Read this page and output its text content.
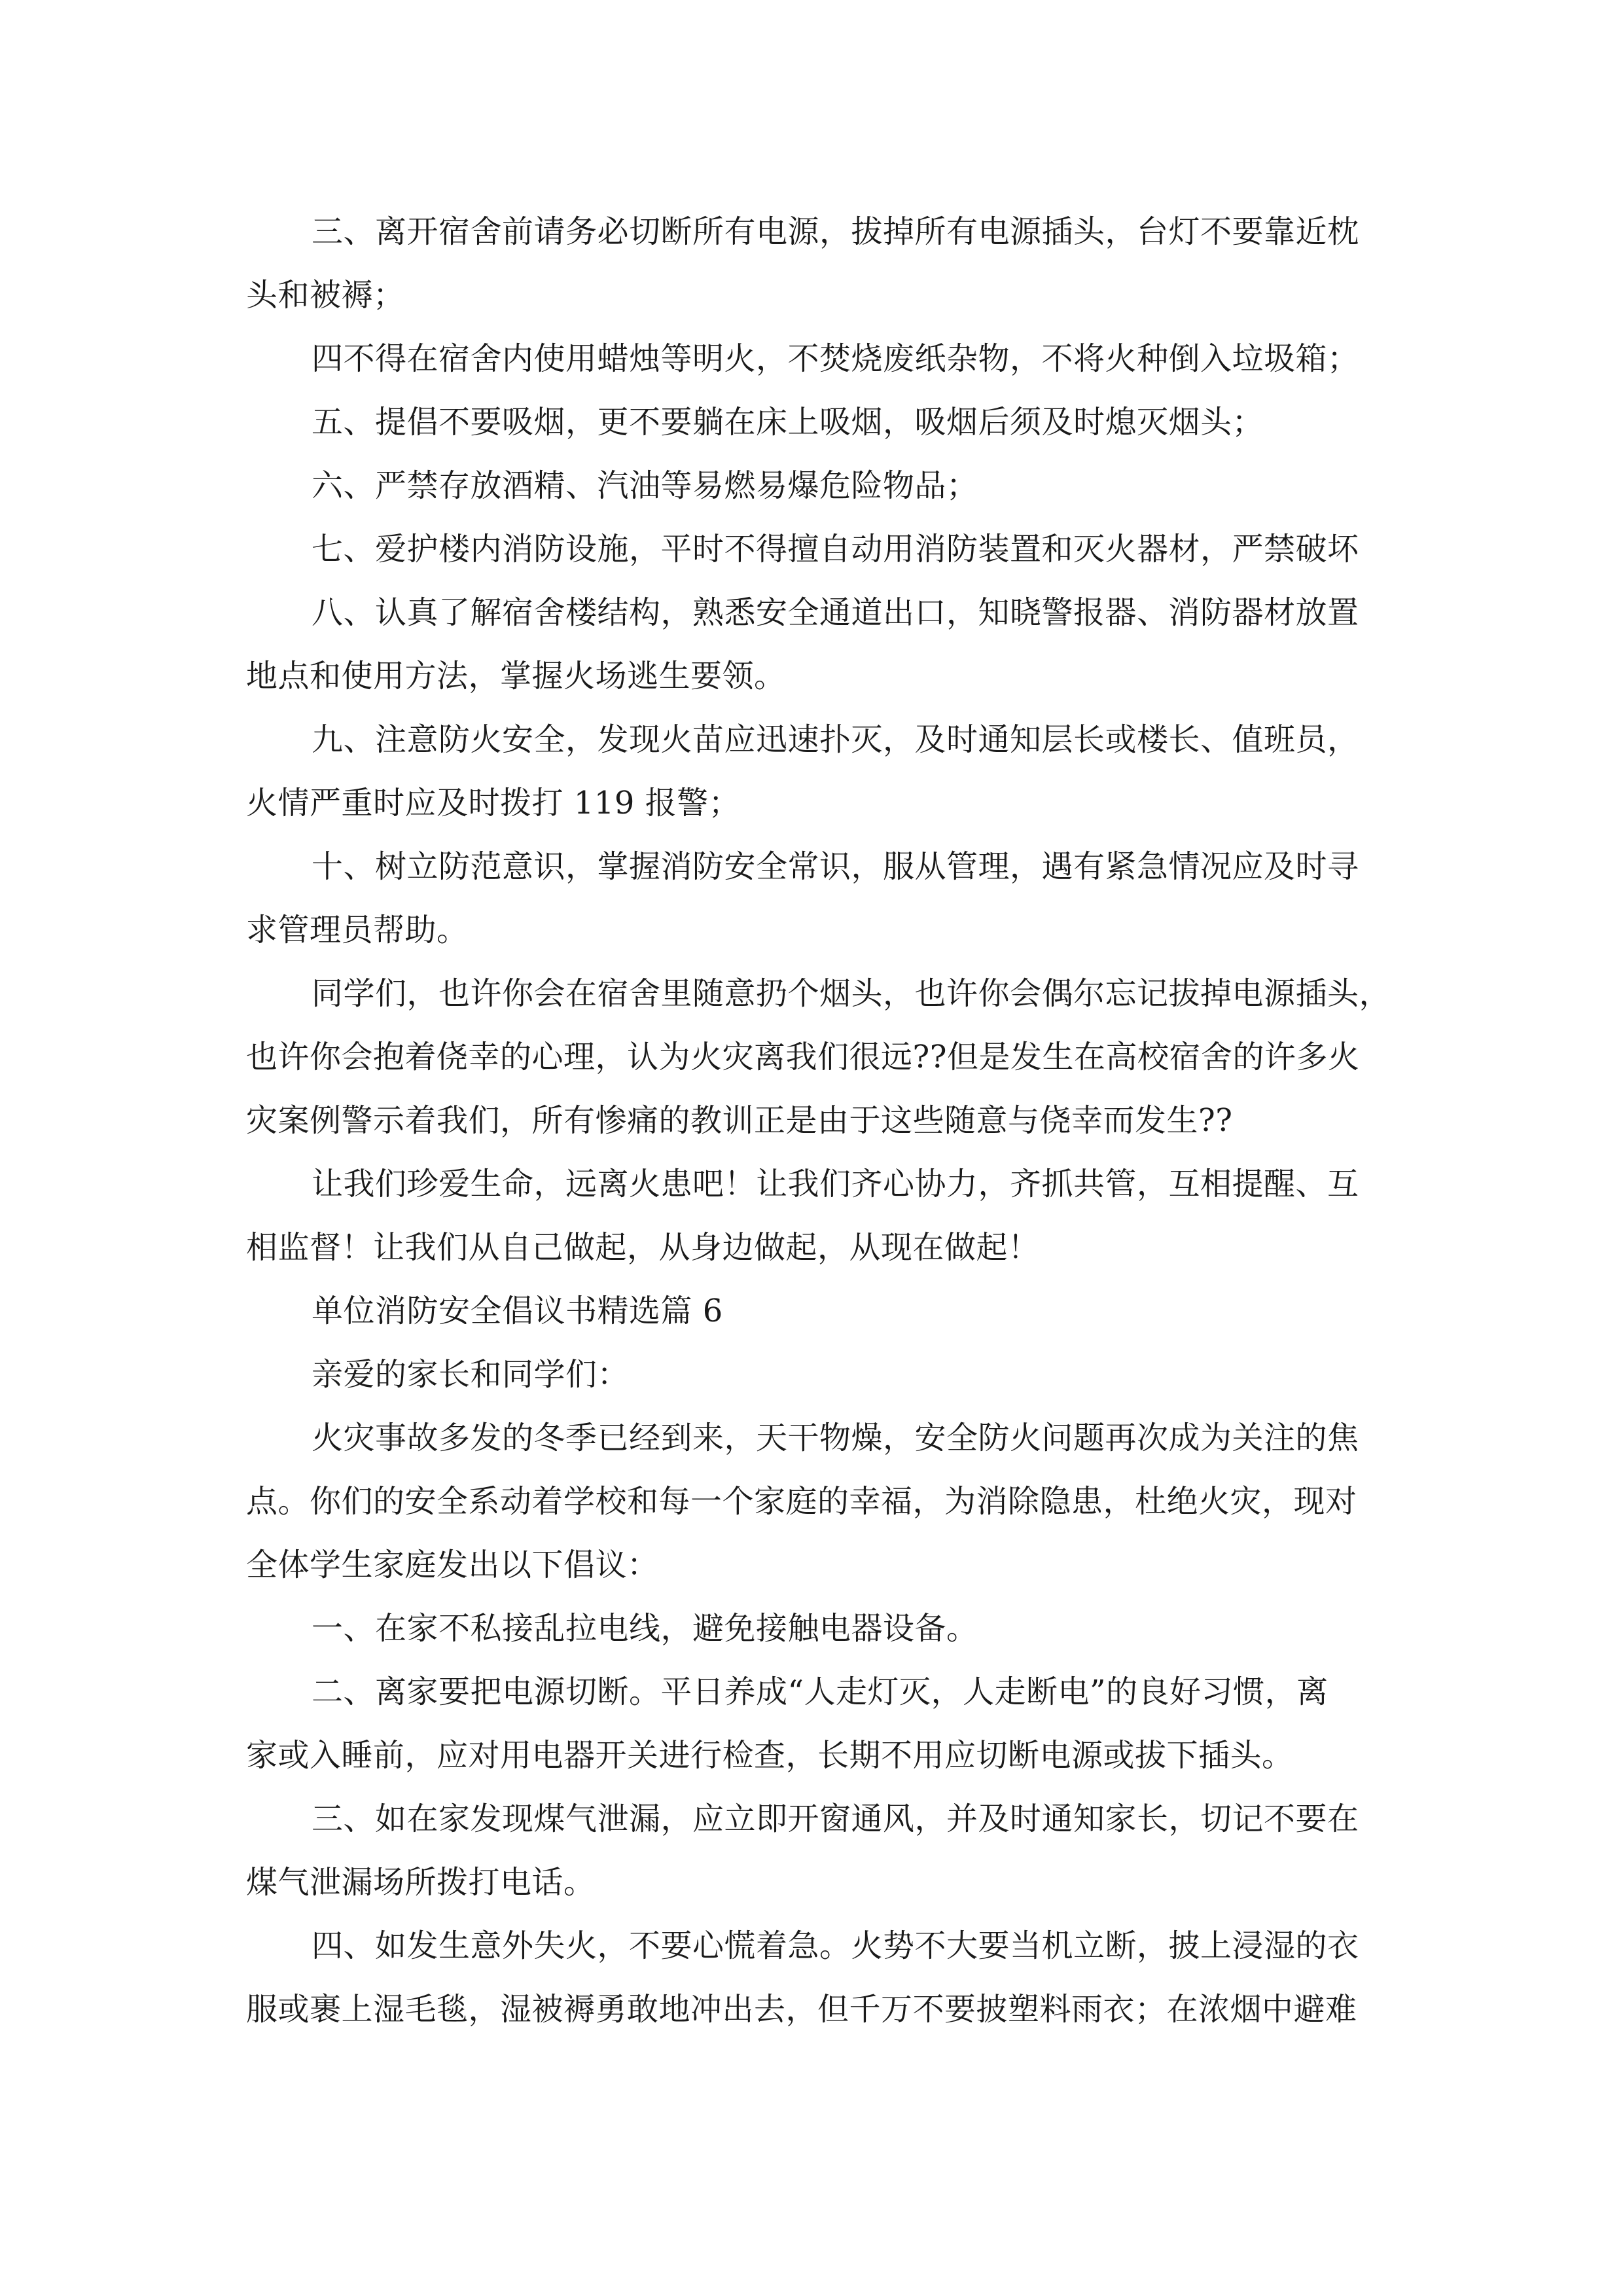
三、离开宿舍前请务必切断所有电源，拔掉所有电源插头，台灯不要靠近枕
头和被褥；
四不得在宿舍内使用蜡烛等明火，不焚烧废纸杂物，不将火种倒入垃圾箱；
五、提倡不要吸烟，更不要躺在床上吸烟，吸烟后须及时熄灭烟头；
六、严禁存放酒精、汽油等易燃易爆危险物品；
七、爱护楼内消防设施，平时不得擅自动用消防装置和灭火器材，严禁破坏
八、认真了解宿舍楼结构，熟悉安全通道出口，知晓警报器、消防器材放置
地点和使用方法，掌握火场逃生要领。
九、注意防火安全，发现火苗应迅速扑灭，及时通知层长或楼长、值班员，
火情严重时应及时拨打 119 报警；
十、树立防范意识，掌握消防安全常识，服从管理，遇有紧急情况应及时寻
求管理员帮助。
同学们，也许你会在宿舍里随意扔个烟头，也许你会偶尔忘记拔掉电源插头，
也许你会抱着侥幸的心理，认为火灾离我们很远??但是发生在高校宿舍的许多火
灾案例警示着我们，所有惨痛的教训正是由于这些随意与侥幸而发生??
让我们珍爱生命，远离火患吧！让我们齐心协力，齐抓共管，互相提醒、互
相监督！让我们从自己做起，从身边做起，从现在做起！
单位消防安全倡议书精选篇 6
亲爱的家长和同学们：
火灾事故多发的冬季已经到来，天干物燥，安全防火问题再次成为关注的焦
点。你们的安全系动着学校和每一个家庭的幸福，为消除隐患，杜绝火灾，现对
全体学生家庭发出以下倡议：
一、在家不私接乱拉电线，避免接触电器设备。
二、离家要把电源切断。平日养成“人走灯灭，人走断电”的良好习惯，离
家或入睡前，应对用电器开关进行检查，长期不用应切断电源或拔下插头。
三、如在家发现煤气泄漏，应立即开窗通风，并及时通知家长，切记不要在
煤气泄漏场所拨打电话。
四、如发生意外失火，不要心慌着急。火势不大要当机立断，披上浸湿的衣
服或裹上湿毛毯，湿被褥勇敢地冲出去，但千万不要披塑料雨衣；在浓烟中避难
